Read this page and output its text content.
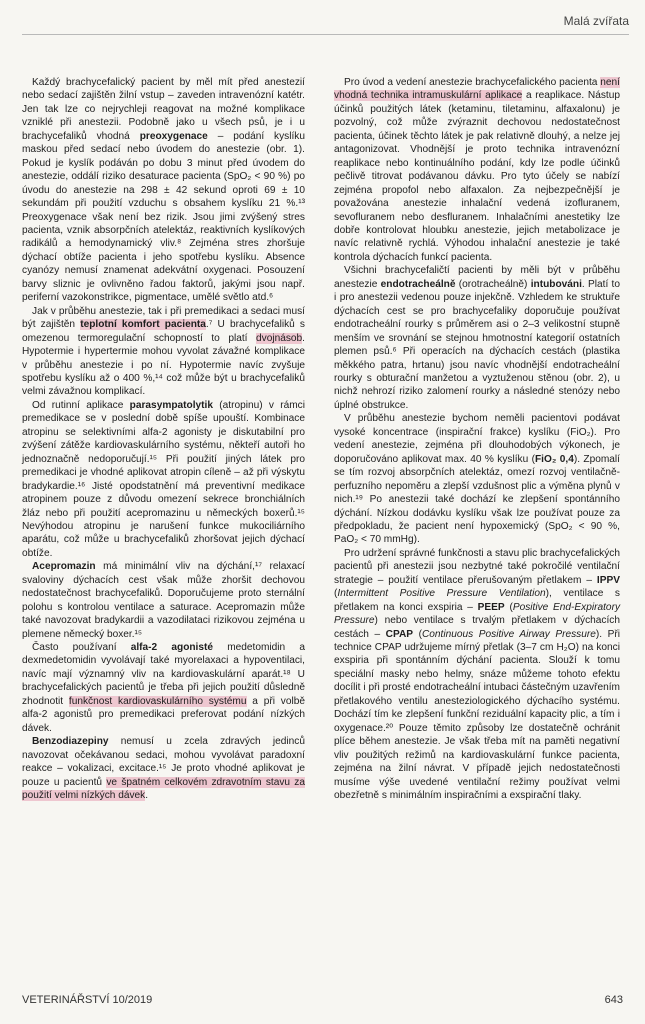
Malá zvířata

Každý brachycefalický pacient by měl mít před anestezií nebo sedací zajištěn žilní vstup – zaveden intravenózní katétr. Jen tak lze co nejrychleji reagovat na možné komplikace vzniklé při anestezii. Podobně jako u všech psů, je i u brachycefaliků vhodná preoxygenace – podání kyslíku maskou před sedací nebo úvodem do anestezie (obr. 1). Pokud je kyslík podáván po dobu 3 minut před úvodem do anestezie, oddálí riziko desaturace pacienta (SpO₂ < 90 %) po úvodu do anestezie na 298 ± 42 sekund oproti 69 ± 10 sekundám při použití vzduchu s obsahem kyslíku 21 %.¹³ Preoxygenace však není bez rizik. Jsou jimi zvýšený stres pacienta, vznik absorpčních atelektáz, reaktivních kyslíkových radikálů a hemodynamický vliv.⁸ Zejména stres zhoršuje dýchací obtíže pacienta i jeho spotřebu kyslíku. Absence cyanózy nemusí znamenat adekvátní oxygenaci. Posouzení barvy sliznic je ovlivněno řadou faktorů, jakými jsou např. periferní vazokonstrikce, pigmentace, umělé světlo atd.⁶

Jak v průběhu anestezie, tak i při premedikaci a sedaci musí být zajištěn teplotní komfort pacienta.⁷ U brachycefaliků s omezenou termoregulační schopností to platí dvojnásob. Hypotermie i hypertermie mohou vyvolat závažné komplikace v průběhu anestezie i po ní. Hypotermie navíc zvyšuje spotřebu kyslíku až o 400 %,¹⁴ což může být u brachycefaliků velmi závažnou komplikací.

Od rutinní aplikace parasympatolytik (atropinu) v rámci premedikace se v poslední době spíše upouští. Kombinace atropinu se selektivními alfa-2 agonisty je diskutabilní pro zvýšení zátěže kardiovaskulárního systému, někteří autoři ho jednoznačně nedoporučují.¹⁵ Při použití jiných látek pro premedikaci je vhodné aplikovat atropin cíleně – až při výskytu bradykardie.¹⁶ Jisté opodstatnění má preventivní medikace atropinem pouze z důvodu omezení sekrece bronchiálních žláz nebo při použití acepromazinu u německých boxerů.¹⁵ Nevýhodou atropinu je narušení funkce mukociliárního aparátu, což může u brachycefaliků zhoršovat jejich dýchací obtíže.

Acepromazin má minimální vliv na dýchání,¹⁷ relaxací svaloviny dýchacích cest však může zhoršit dechovou nedostatečnost brachycefaliků. Doporučujeme proto sternální polohu s kontrolou ventilace a saturace. Acepromazin může také navozovat bradykardii a vazodilataci rizikovou zejména u plemene německý boxer.¹⁵

Často používaní alfa-2 agonisté medetomidin a dexmedetomidin vyvolávají také myorelaxaci a hypoventilaci, navíc mají významný vliv na kardiovaskulární aparát.¹⁸ U brachycefalických pacientů je třeba při jejich použití důsledně zhodnotit funkčnost kardiovaskulárního systému a při volbě alfa-2 agonistů pro premedikaci preferovat podání nízkých dávek.

Benzodiazepiny nemusí u zcela zdravých jedinců navozovat očekávanou sedaci, mohou vyvolávat paradoxní reakce – vokalizaci, excitace.¹⁵ Je proto vhodné aplikovat je pouze u pacientů ve špatném celkovém zdravotním stavu za použití velmi nízkých dávek.

Pro úvod a vedení anestezie brachycefalického pacienta není vhodná technika intramuskulární aplikace a reaplikace. Nástup účinků použitých látek (ketaminu, tiletaminu, alfaxalonu) je pozvolný, což může zvýraznit dechovou nedostatečnost pacienta, účinek těchto látek je pak relativně dlouhý, a nelze jej antagonizovat. Vhodnější je proto technika intravenózní reaplikace nebo kontinuálního podání, kdy lze podle účinků pečlivě titrovat podávanou dávku. Pro tyto účely se nabízí zejména propofol nebo alfaxalon. Za nejbezpečnější je považována anestezie inhalační vedená izofluranem, sevofluranem nebo desfluranem. Inhalačními anestetiky lze dobře kontrolovat hloubku anestezie, jejich metabolizace je navíc relativně rychlá. Výhodou inhalační anestezie je také kontrola dýchacích funkcí pacienta.

Všichni brachycefaličtí pacienti by měli být v průběhu anestezie endotracheálně (orotracheálně) intubováni. Platí to i pro anestezii vedenou pouze injekčně. Vzhledem ke struktuře dýchacích cest se pro brachycefaliky doporučuje používat endotracheální rourky s průměrem asi o 2–3 velikostní stupně menším ve srovnání se stejnou hmotnostní kategorií ostatních plemen psů.⁶ Při operacích na dýchacích cestách (plastika měkkého patra, hrtanu) jsou navíc vhodnější endotracheální rourky s obturační manžetou a vyztuženou stěnou (obr. 2), u nichž nehrozí riziko zalomení rourky a následné stenózy nebo úplné obstrukce.

V průběhu anestezie bychom neměli pacientovi podávat vysoké koncentrace (inspirační frakce) kyslíku (FiO₂). Pro vedení anestezie, zejména při dlouhodobých výkonech, je doporučováno aplikovat max. 40 % kyslíku (FiO₂ 0,4). Zpomalí se tím rozvoj absorpčních atelektáz, omezí rozvoj ventilačně-perfuzního nepoměru a zlepší vzdušnost plic a výměna plynů v nich.¹⁹ Po anestezii také dochází ke zlepšení spontánního dýchání. Nízkou dodávku kyslíku však lze používat pouze za předpokladu, že pacient není hypoxemický (SpO₂ < 90 %, PaO₂ < 70 mmHg).

Pro udržení správné funkčnosti a stavu plic brachycefalických pacientů při anestezii jsou nezbytné také pokročilé ventilační strategie – použití ventilace přerušovaným přetlakem – IPPV (Intermittent Positive Pressure Ventilation), ventilace s přetlakem na konci exspiria – PEEP (Positive End-Expiratory Pressure) nebo ventilace s trvalým přetlakem v dýchacích cestách – CPAP (Continuous Positive Airway Pressure). Při technice CPAP udržujeme mírný přetlak (3–7 cm H₂O) na konci exspiria při spontánním dýchání pacienta. Slouží k tomu speciální masky nebo helmy, snáze můžeme tohoto efektu docílit i při prosté endotracheální intubaci částečným uzavřením přetlakového ventilu anesteziologického dýchacího systému. Dochází tím ke zlepšení funkční reziduální kapacity plic, a tím i oxygenace.²⁰ Pouze těmito způsoby lze dostatečně ochránit plíce během anestezie. Je však třeba mít na paměti negativní vliv použitých režimů na kardiovaskulární funkce pacienta, zejména na žilní návrat. V případě jejich nedostatečnosti musíme výše uvedené ventilační režimy používat velmi obezřetně s minimálním inspiračními a exspirační tlaky.

VETERINÁŘSTVÍ 10/2019	643
